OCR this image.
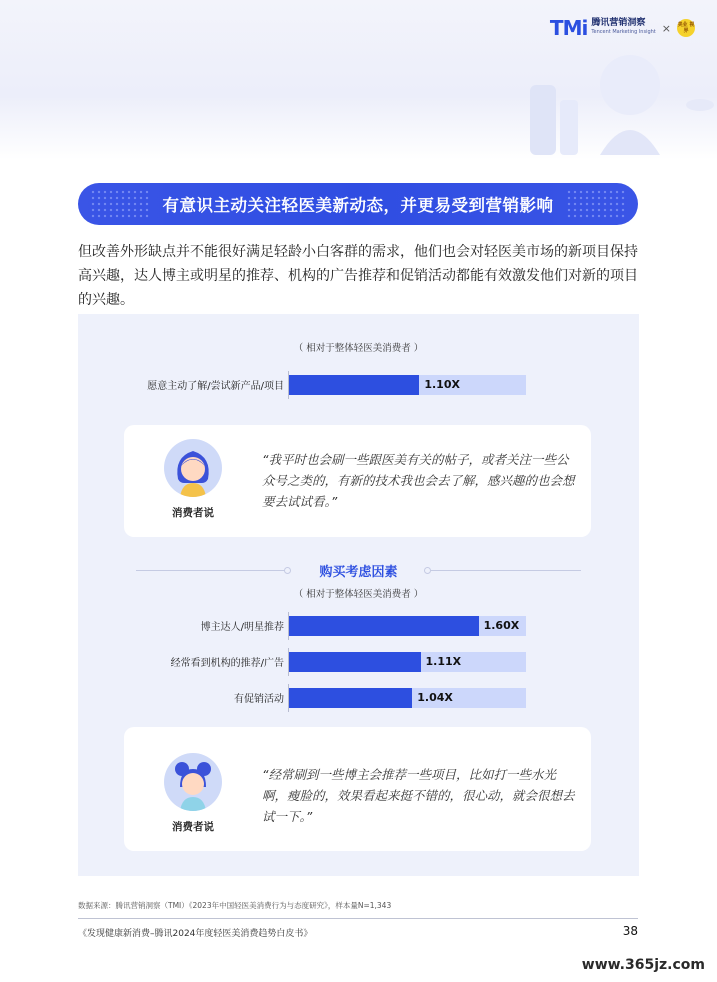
TMi 腾讯营销洞察
Tencent Marketing Insight × 美业 视界
有意识主动关注轻医美新动态，并更易受到营销影响
但改善外形缺点并不能很好满足轻龄小白客群的需求，他们也会对轻医美市场的新项目保持高兴趣，达人博主或明星的推荐、机构的广告推荐和促销活动都能有效激发他们对新的项目的兴趣。
（ 相对于整体轻医美消费者 ）
愿意主动了解/尝试新产品/项目	1.10X
消费者说
“我平时也会刷一些跟医美有关的帖子，或者关注一些公众号之类的，有新的技术我也会去了解，感兴趣的也会想要去试试看。”
购买考虑因素
（ 相对于整体轻医美消费者 ）
博主达人/明星推荐	1.60X
经常看到机构的推荐/广告	1.11X
有促销活动	1.04X
消费者说
“经常刷到一些博主会推荐一些项目，比如打一些水光啊，瘦脸的，效果看起来挺不错的，很心动，就会很想去试一下。”
数据来源：腾讯营销洞察（TMI）《2023年中国轻医美消费行为与态度研究》，样本量N=1,343
《发现健康新消费–腾讯2024年度轻医美消费趋势白皮书》	38
www.365jz.com
